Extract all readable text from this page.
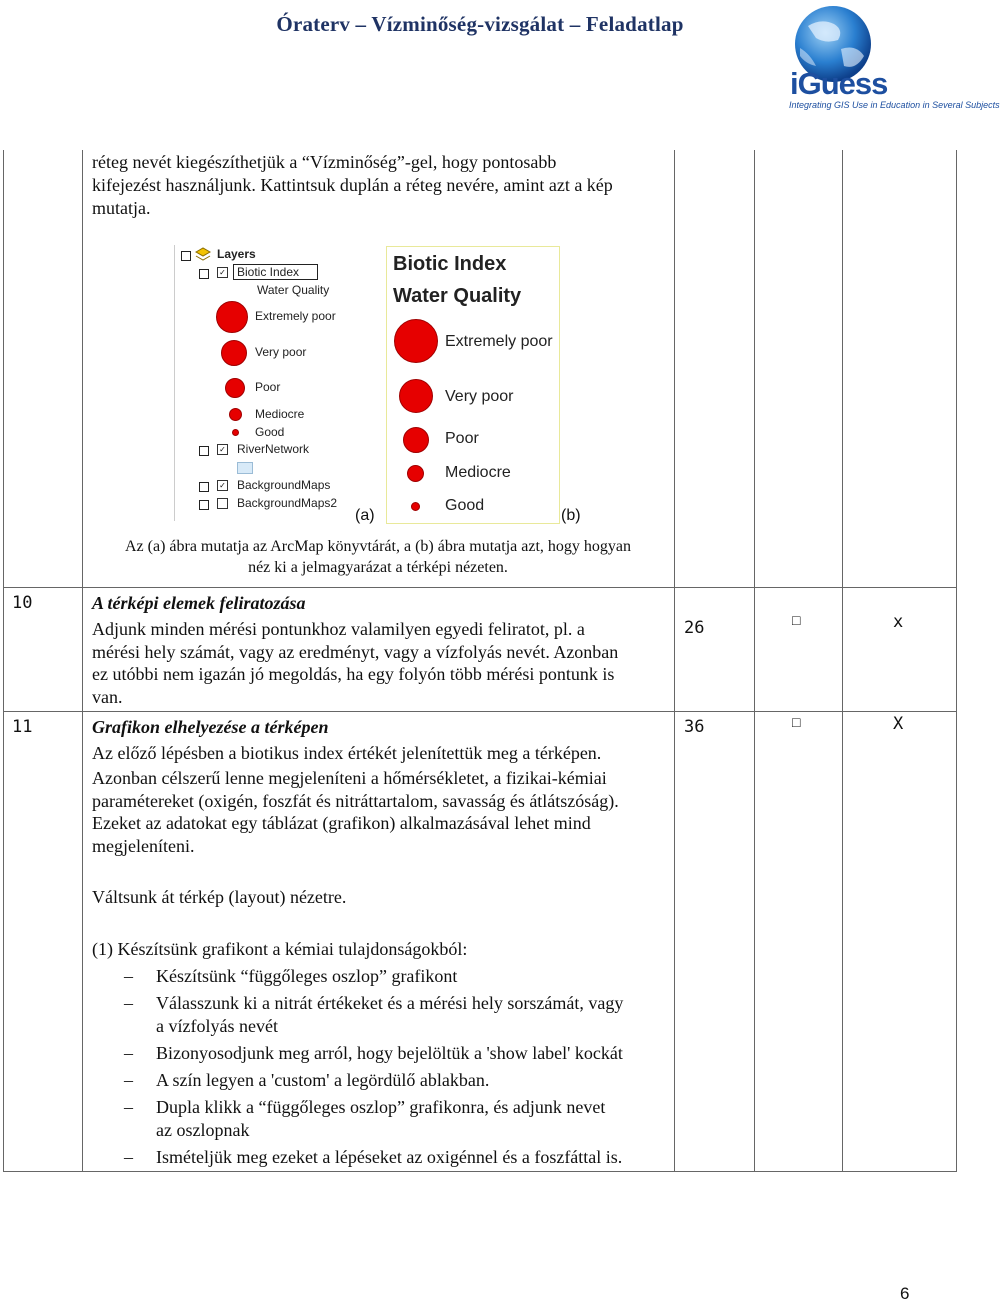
Óraterv – Vízminőség-vizsgálat – Feladatlap
iGuess
Integrating GIS Use in Education in Several Subjects
réteg nevét kiegészíthetjük a “Vízminőség”-gel, hogy pontosabb
kifejezést használjunk. Kattintsuk duplán a réteg nevére, amint azt a kép
mutatja.
Layers
✓ Biotic Index
Water Quality
Extremely poor
Very poor
Poor
Mediocre
Good
✓ RiverNetwork
✓ BackgroundMaps
BackgroundMaps2
Biotic Index
Water Quality
Extremely poor
Very poor
Poor
Mediocre
Good
(a)	(b)
Az (a) ábra mutatja az ArcMap könyvtárát, a (b) ábra mutatja azt, hogy hogyan
néz ki a jelmagyarázat a térképi nézeten.
10	A térképi elemek feliratozása
Adjunk minden mérési pontunkhoz valamilyen egyedi feliratot, pl. a
mérési hely számát, vagy az eredményt, vagy a vízfolyás nevét. Azonban
ez utóbbi nem igazán jó megoldás, ha egy folyón több mérési pontunk is
van.
26	□	x
11	Grafikon elhelyezése a térképen
Az előző lépésben a biotikus index értékét jelenítettük meg a térképen.
Azonban célszerű lenne megjeleníteni a hőmérsékletet, a fizikai-kémiai
paramétereket (oxigén, foszfát és nitráttartalom, savasság és átlátszóság).
Ezeket az adatokat egy táblázat (grafikon) alkalmazásával lehet mind
megjeleníteni.
Váltsunk át térkép (layout) nézetre.
(1) Készítsünk grafikont a kémiai tulajdonságokból:
– Készítsünk “függőleges oszlop” grafikont
– Válasszunk ki a nitrát értékeket és a mérési hely sorszámát, vagy
a vízfolyás nevét
– Bizonyosodjunk meg arról, hogy bejelöltük a 'show label' kockát
– A szín legyen a 'custom' a legördülő ablakban.
– Dupla klikk a “függőleges oszlop” grafikonra, és adjunk nevet
az oszlopnak
– Ismételjük meg ezeket a lépéseket az oxigénnel és a foszfáttal is.
36	□	X
6
